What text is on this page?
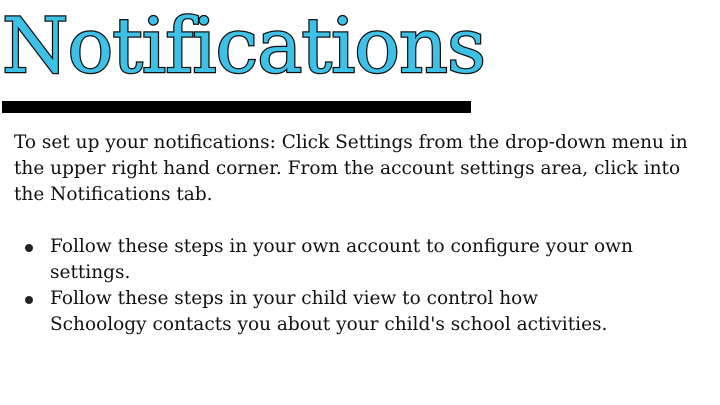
Notifications

To set up your notifications: Click Settings from the drop-down menu in the upper right hand corner. From the account settings area, click into the Notifications tab.

Follow these steps in your own account to configure your own settings.
Follow these steps in your child view to control how Schoology contacts you about your child's school activities.
